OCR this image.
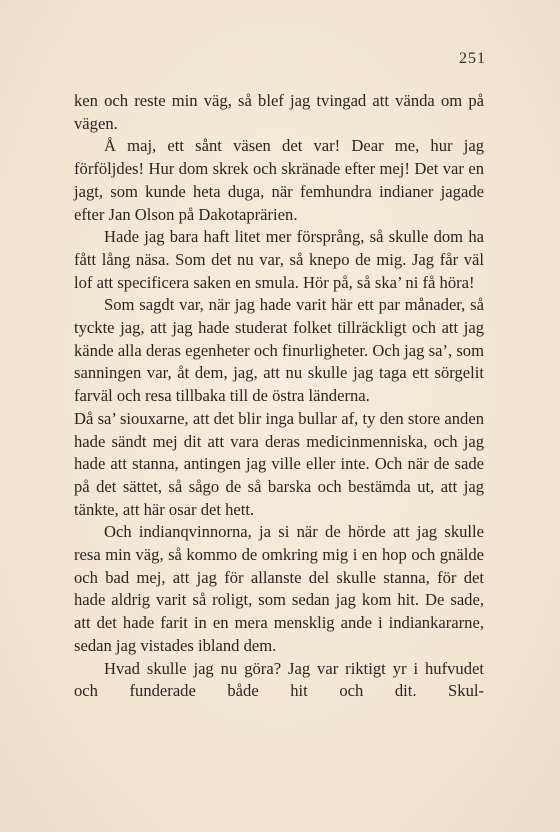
251

ken och reste min väg, så blef jag tvingad att vända om på vägen.

Å maj, ett sånt väsen det var! Dear me, hur jag förföljdes! Hur dom skrek och skränade efter mej! Det var en jagt, som kunde heta duga, när femhundra indianer jagade efter Jan Olson på Dakotaprärien.

Hade jag bara haft litet mer försprång, så skulle dom ha fått lång näsa. Som det nu var, så knepo de mig. Jag får väl lof att specificera saken en smula. Hör på, så ska’ ni få höra!

Som sagdt var, när jag hade varit här ett par månader, så tyckte jag, att jag hade studerat folket tillräckligt och att jag kände alla deras egenheter och finurligheter. Och jag sa’, som sanningen var, åt dem, jag, att nu skulle jag taga ett sörgelit farväl och resa tillbaka till de östra länderna.

Då sa’ siouxarne, att det blir inga bullar af, ty den store anden hade sändt mej dit att vara deras medicinmenniska, och jag hade att stanna, antingen jag ville eller inte. Och när de sade på det sättet, så sågo de så barska och bestämda ut, att jag tänkte, att här osar det hett.

Och indianqvinnorna, ja si när de hörde att jag skulle resa min väg, så kommo de omkring mig i en hop och gnälde och bad mej, att jag för allanste del skulle stanna, för det hade aldrig varit så roligt, som sedan jag kom hit. De sade, att det hade farit in en mera mensklig ande i indiankararne, sedan jag vistades ibland dem.

Hvad skulle jag nu göra? Jag var riktigt yr i hufvudet och funderade både hit och dit. Skul-
